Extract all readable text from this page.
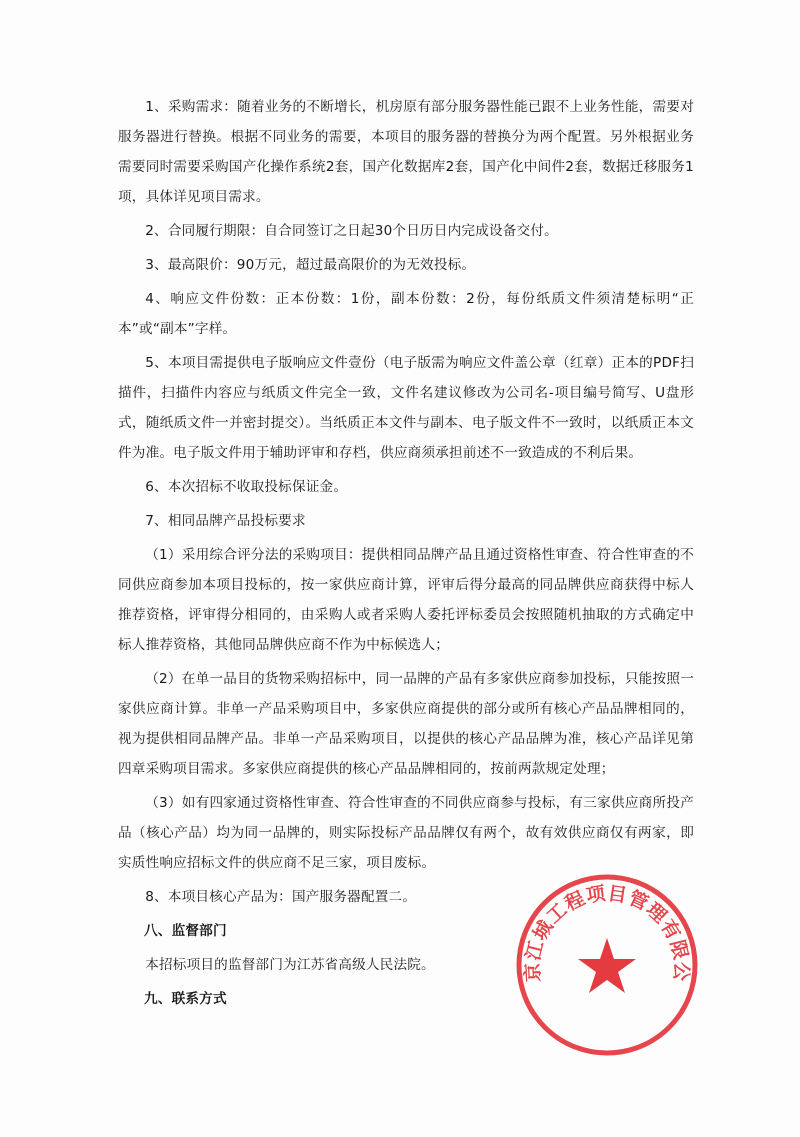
1、采购需求：随着业务的不断增长，机房原有部分服务器性能已跟不上业务性能，需要对服务器进行替换。根据不同业务的需要，本项目的服务器的替换分为两个配置。另外根据业务需要同时需要采购国产化操作系统2套，国产化数据库2套，国产化中间件2套，数据迁移服务1项，具体详见项目需求。

2、合同履行期限：自合同签订之日起30个日历日内完成设备交付。

3、最高限价：90万元，超过最高限价的为无效投标。

4、响应文件份数：正本份数：1份，副本份数：2份，每份纸质文件须清楚标明“正本”或“副本”字样。

5、本项目需提供电子版响应文件壹份（电子版需为响应文件盖公章（红章）正本的PDF扫描件，扫描件内容应与纸质文件完全一致，文件名建议修改为公司名-项目编号简写、U盘形式，随纸质文件一并密封提交）。当纸质正本文件与副本、电子版文件不一致时，以纸质正本文件为准。电子版文件用于辅助评审和存档，供应商须承担前述不一致造成的不利后果。

6、本次招标不收取投标保证金。

7、相同品牌产品投标要求

（1）采用综合评分法的采购项目：提供相同品牌产品且通过资格性审查、符合性审查的不同供应商参加本项目投标的，按一家供应商计算，评审后得分最高的同品牌供应商获得中标人推荐资格，评审得分相同的，由采购人或者采购人委托评标委员会按照随机抽取的方式确定中标人推荐资格，其他同品牌供应商不作为中标候选人；

（2）在单一品目的货物采购招标中，同一品牌的产品有多家供应商参加投标，只能按照一家供应商计算。非单一产品采购项目中，多家供应商提供的部分或所有核心产品品牌相同的，视为提供相同品牌产品。非单一产品采购项目，以提供的核心产品品牌为准，核心产品详见第四章采购项目需求。多家供应商提供的核心产品品牌相同的，按前两款规定处理；

（3）如有四家通过资格性审查、符合性审查的不同供应商参与投标，有三家供应商所投产品（核心产品）均为同一品牌的，则实际投标产品品牌仅有两个，故有效供应商仅有两家，即实质性响应招标文件的供应商不足三家，项目废标。

8、本项目核心产品为：国产服务器配置二。

八、监督部门

本招标项目的监督部门为江苏省高级人民法院。

九、联系方式

京江城工程项目管理有限公
